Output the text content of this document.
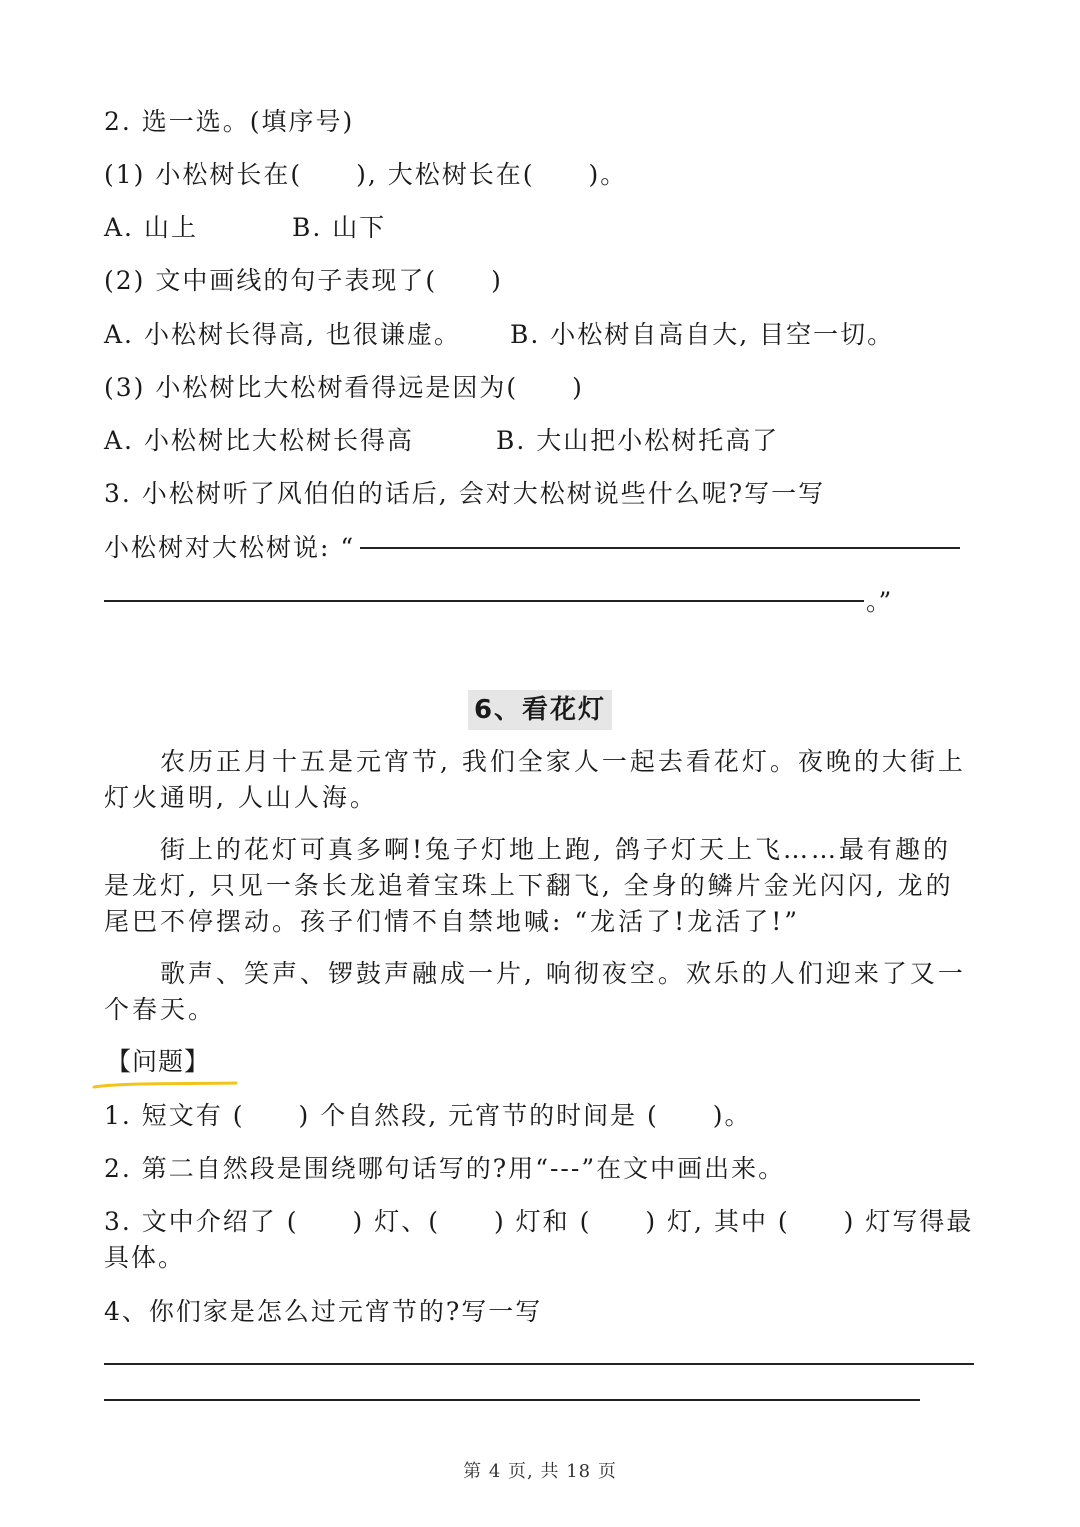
2. 选一选。(填序号)
(1) 小松树长在(　　), 大松树长在(　　)。
A. 山上	B. 山下
(2) 文中画线的句子表现了(　　)
A. 小松树长得高, 也很谦虚。 B. 小松树自高自大, 目空一切。
(3) 小松树比大松树看得远是因为(　　)
A. 小松树比大松树长得高	B. 大山把小松树托高了
3. 小松树听了风伯伯的话后, 会对大松树说些什么呢?写一写
小松树对大松树说: “
。”
6、看花灯
农历正月十五是元宵节, 我们全家人一起去看花灯。夜晚的大街上灯火通明, 人山人海。
街上的花灯可真多啊!兔子灯地上跑, 鸽子灯天上飞……最有趣的是龙灯, 只见一条长龙追着宝珠上下翻飞, 全身的鳞片金光闪闪, 龙的尾巴不停摆动。孩子们情不自禁地喊: “龙活了!龙活了!”
歌声、笑声、锣鼓声融成一片, 响彻夜空。欢乐的人们迎来了又一个春天。
【问题】
1. 短文有 (　　) 个自然段, 元宵节的时间是 (　　)。
2. 第二自然段是围绕哪句话写的?用“---”在文中画出来。
3. 文中介绍了 (　　) 灯、(　　) 灯和 (　　) 灯, 其中 (　　) 灯写得最具体。
4、你们家是怎么过元宵节的?写一写
第 4 页, 共 18 页
